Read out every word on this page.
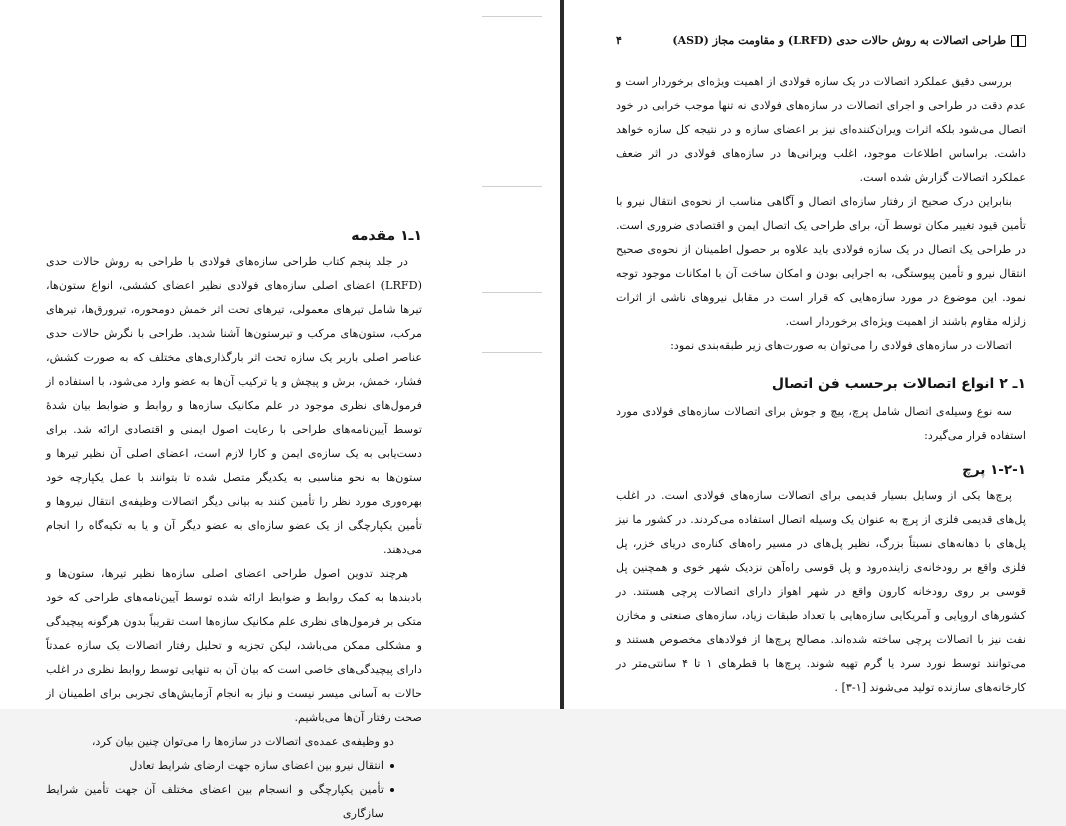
۱ـ۱ مقدمه

در جلد پنجم کتاب طراحی سازه‌های فولادی با طراحی به روش حالات حدی (LRFD) اعضای اصلی سازه‌های فولادی نظیر اعضای کششی، انواع ستون‌ها، تیرها شامل تیرهای معمولی، تیرهای تحت اثر خمش دومحوره، تیرورق‌ها، تیرهای مرکب، ستون‌های مرکب و تیرستون‌ها آشنا شدید. طراحی با نگرش حالات حدی عناصر اصلی باربر یک سازه تحت اثر بارگذاری‌های مختلف که به صورت کشش، فشار، خمش، برش و پیچش و یا ترکیب آن‌ها به عضو وارد می‌شود، با استفاده از فرمول‌های نظری موجود در علم مکانیک سازه‌ها و روابط و ضوابط بیان شدهٔ توسط آیین‌نامه‌های طراحی با رعایت اصول ایمنی و اقتصادی ارائه شد. برای دست‌یابی به یک سازه‌ی ایمن و کارا لازم است، اعضای اصلی آن نظیر تیرها و ستون‌ها به نحو مناسبی به یکدیگر متصل شده تا بتوانند با عمل یکپارچه خود بهره‌وری مورد نظر را تأمین کنند به بیانی دیگر اتصالات وظیفه‌ی انتقال نیروها و تأمین یکپارچگی از یک عضو سازه‌ای به عضو دیگر آن و یا به تکیه‌گاه را انجام می‌دهند.

هرچند تدوین اصول طراحی اعضای اصلی سازه‌ها نظیر تیرها، ستون‌ها و بادبندها به کمک روابط و ضوابط ارائه شده توسط آیین‌نامه‌های طراحی که خود متکی بر فرمول‌های نظری علم مکانیک سازه‌ها است تقریباً بدون هرگونه پیچیدگی و مشکلی ممکن می‌باشد، لیکن تجزیه و تحلیل رفتار اتصالات یک سازه عمدتاً دارای پیچیدگی‌های خاصی است که بیان آن به تنهایی توسط روابط نظری در اغلب حالات به آسانی میسر نیست و نیاز به انجام آزمایش‌های تجربی برای اطمینان از صحت رفتار آن‌ها می‌باشیم.

دو وظیفه‌ی عمده‌ی اتصالات در سازه‌ها را می‌توان چنین بیان کرد،

انتقال نیرو بین اعضای سازه جهت ارضای شرایط تعادل
تأمین یکپارچگی و انسجام بین اعضای مختلف آن جهت تأمین شرایط سازگاری
۴	طراحی اتصالات به روش حالات حدی (LRFD) و مقاومت مجاز (ASD)

بررسی دقیق عملکرد اتصالات در یک سازه فولادی از اهمیت ویژه‌ای برخوردار است و عدم دقت در طراحی و اجرای اتصالات در سازه‌های فولادی نه تنها موجب خرابی در خود اتصال می‌شود بلکه اثرات ویران‌کننده‌ای نیز بر اعضای سازه و در نتیجه کل سازه خواهد داشت. براساس اطلاعات موجود، اغلب ویرانی‌ها در سازه‌های فولادی در اثر ضعف عملکرد اتصالات گزارش شده است.

بنابراین درک صحیح از رفتار سازه‌ای اتصال و آگاهی مناسب از نحوه‌ی انتقال نیرو با تأمین قیود تغییر مکان توسط آن، برای طراحی یک اتصال ایمن و اقتصادی ضروری است. در طراحی یک اتصال در یک سازه فولادی باید علاوه بر حصول اطمینان از نحوه‌ی صحیح انتقال نیرو و تأمین پیوستگی، به اجرایی بودن و امکان ساخت آن با امکانات موجود توجه نمود. این موضوع در مورد سازه‌هایی که قرار است در مقابل نیروهای ناشی از اثرات زلزله مقاوم باشند از اهمیت ویژه‌ای برخوردار است.

اتصالات در سازه‌های فولادی را می‌توان به صورت‌های زیر طبقه‌بندی نمود:

۱ـ ۲ انواع اتصالات برحسب فن اتصال

سه نوع وسیله‌ی اتصال شامل پرچ، پیچ و جوش برای اتصالات سازه‌های فولادی مورد استفاده قرار می‌گیرد:

۱-۲-۱ پرچ

پرچ‌ها یکی از وسایل بسیار قدیمی برای اتصالات سازه‌های فولادی است. در اغلب پل‌های قدیمی فلزی از پرچ به عنوان یک وسیله اتصال استفاده می‌کردند. در کشور ما نیز پل‌های با دهانه‌های نسبتاً بزرگ، نظیر پل‌های در مسیر راه‌های کناره‌ی دریای خزر، پل فلزی واقع بر رودخانه‌ی زاینده‌رود و پل قوسی راه‌آهن نزدیک شهر خوی و همچنین پل قوسی بر روی رودخانه کارون واقع در شهر اهواز دارای اتصالات پرچی هستند. در کشورهای اروپایی و آمریکایی سازه‌هایی با تعداد طبقات زیاد، سازه‌های صنعتی و مخازن نفت نیز با اتصالات پرچی ساخته شده‌اند. مصالح پرچ‌ها از فولادهای مخصوص هستند و می‌توانند توسط نورد سرد یا گرم تهیه شوند. پرچ‌ها با قطرهای ۱ تا ۴ سانتی‌متر در کارخانه‌های سازنده تولید می‌شوند [۱-۳] .
